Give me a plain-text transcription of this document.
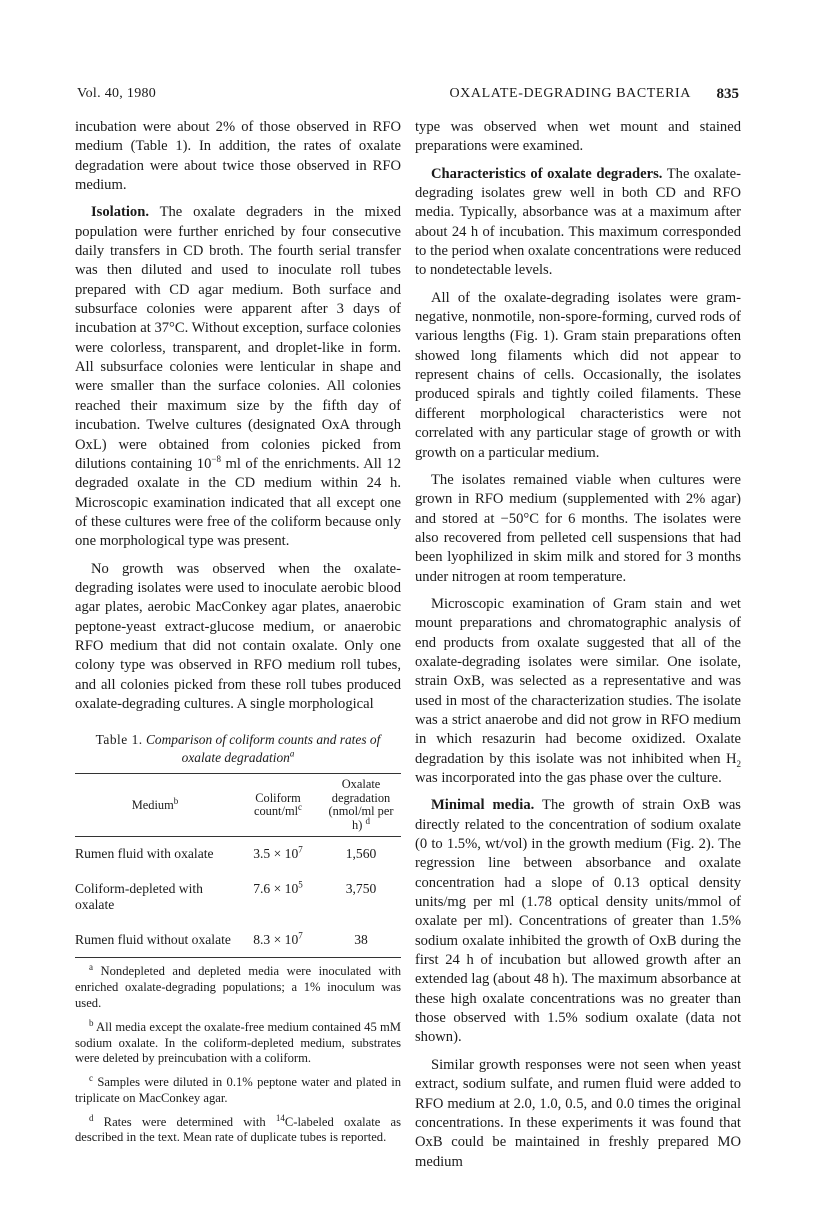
Vol. 40, 1980	OXALATE-DEGRADING BACTERIA 835

incubation were about 2% of those observed in RFO medium (Table 1). In addition, the rates of oxalate degradation were about twice those observed in RFO medium.

Isolation. The oxalate degraders in the mixed population were further enriched by four consecutive daily transfers in CD broth. The fourth serial transfer was then diluted and used to inoculate roll tubes prepared with CD agar medium. Both surface and subsurface colonies were apparent after 3 days of incubation at 37°C. Without exception, surface colonies were colorless, transparent, and droplet-like in form. All subsurface colonies were lenticular in shape and were smaller than the surface colonies. All colonies reached their maximum size by the fifth day of incubation. Twelve cultures (designated OxA through OxL) were obtained from colonies picked from dilutions containing $10^{-8}$ ml of the enrichments. All 12 degraded oxalate in the CD medium within 24 h. Microscopic examination indicated that all except one of these cultures were free of the coliform because only one morphological type was present.

No growth was observed when the oxalate-degrading isolates were used to inoculate aerobic blood agar plates, aerobic MacConkey agar plates, anaerobic peptone-yeast extract-glucose medium, or anaerobic RFO medium that did not contain oxalate. Only one colony type was observed in RFO medium roll tubes, and all colonies picked from these roll tubes produced oxalate-degrading cultures. A single morphological

Table 1. Comparison of coliform counts and rates of oxalate degradation$^a$
Medium$^b$	Coliform count/$ml^c$	Oxalate degradation (nmol/ml per h) $^d$
Rumen fluid with oxalate	$3.5 \times 10^7$	1,560
Coliform-depleted with oxalate	$7.6 \times 10^5$	3,750
Rumen fluid without oxalate	$8.3 \times 10^7$	38

$^a$ Nondepleted and depleted media were inoculated with enriched oxalate-degrading populations; a 1% inoculum was used.

$^b$ All media except the oxalate-free medium contained 45 mM sodium oxalate. In the coliform-depleted medium, substrates were deleted by preincubation with a coliform.

$^c$ Samples were diluted in 0.1% peptone water and plated in triplicate on MacConkey agar.

$^d$ Rates were determined with $^{14}$C-labeled oxalate as described in the text. Mean rate of duplicate tubes is reported.

type was observed when wet mount and stained preparations were examined.

Characteristics of oxalate degraders. The oxalate-degrading isolates grew well in both CD and RFO media. Typically, absorbance was at a maximum after about 24 h of incubation. This maximum corresponded to the period when oxalate concentrations were reduced to nondetectable levels.

All of the oxalate-degrading isolates were gram-negative, nonmotile, non-spore-forming, curved rods of various lengths (Fig. 1). Gram stain preparations often showed long filaments which did not appear to represent chains of cells. Occasionally, the isolates produced spirals and tightly coiled filaments. These different morphological characteristics were not correlated with any particular stage of growth or with growth on a particular medium.

The isolates remained viable when cultures were grown in RFO medium (supplemented with 2% agar) and stored at −50°C for 6 months. The isolates were also recovered from pelleted cell suspensions that had been lyophilized in skim milk and stored for 3 months under nitrogen at room temperature.

Microscopic examination of Gram stain and wet mount preparations and chromatographic analysis of end products from oxalate suggested that all of the oxalate-degrading isolates were similar. One isolate, strain OxB, was selected as a representative and was used in most of the characterization studies. The isolate was a strict anaerobe and did not grow in RFO medium in which resazurin had become oxidized. Oxalate degradation by this isolate was not inhibited when $H_2$ was incorporated into the gas phase over the culture.

Minimal media. The growth of strain OxB was directly related to the concentration of sodium oxalate (0 to 1.5%, wt/vol) in the growth medium (Fig. 2). The regression line between absorbance and oxalate concentration had a slope of 0.13 optical density units/mg per ml (1.78 optical density units/mmol of oxalate per ml). Concentrations of greater than 1.5% sodium oxalate inhibited the growth of OxB during the first 24 h of incubation but allowed growth after an extended lag (about 48 h). The maximum absorbance at these high oxalate concentrations was no greater than those observed with 1.5% sodium oxalate (data not shown).

Similar growth responses were not seen when yeast extract, sodium sulfate, and rumen fluid were added to RFO medium at 2.0, 1.0, 0.5, and 0.0 times the original concentrations. In these experiments it was found that OxB could be maintained in freshly prepared MO medium
